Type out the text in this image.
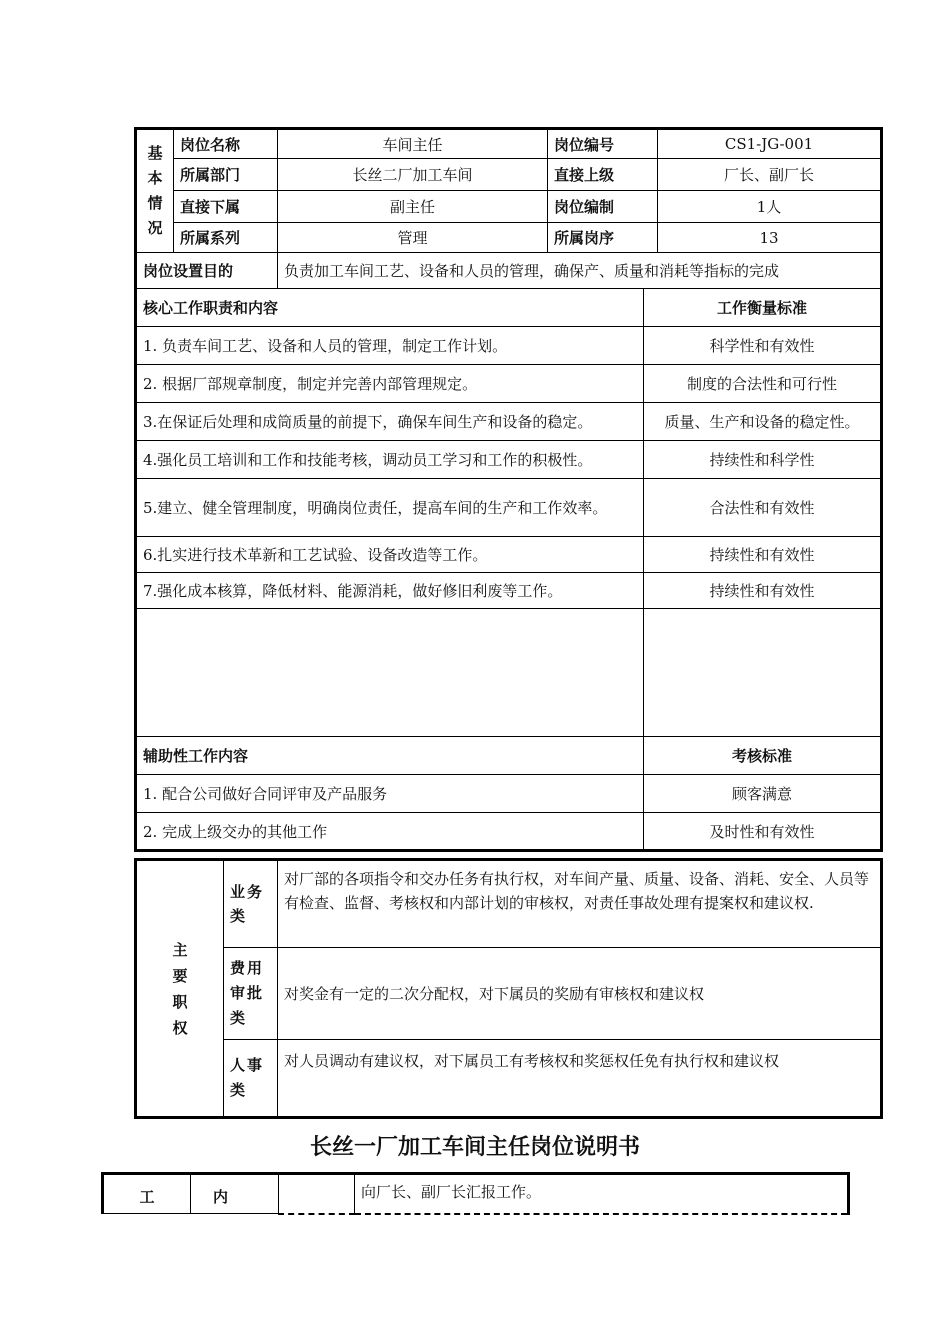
基
本
情
况	岗位名称	车间主任	岗位编号		CS1-JG-001
	所属部门	长丝二厂加工车间	直接上级		厂长、副厂长
	直接下属	副主任	岗位编制		1人
	所属系列	管理	所属岗序		13
岗位设置目的		负责加工车间工艺、设备和人员的管理，确保产、质量和消耗等指标的完成			
核心工作职责和内容				工作衡量标准	
1. 负责车间工艺、设备和人员的管理，制定工作计划。				科学性和有效性	
2. 根据厂部规章制度，制定并完善内部管理规定。				制度的合法性和可行性	
3.在保证后处理和成筒质量的前提下，确保车间生产和设备的稳定。				质量、生产和设备的稳定性。	
4.强化员工培训和工作和技能考核，调动员工学习和工作的积极性。				持续性和科学性	
5.建立、健全管理制度，明确岗位责任，提高车间的生产和工作效率。				合法性和有效性	
6.扎实进行技术革新和工艺试验、设备改造等工作。				持续性和有效性	
7.强化成本核算，降低材料、能源消耗，做好修旧利废等工作。				持续性和有效性	

辅助性工作内容				考核标准	
1. 配合公司做好合同评审及产品服务				顾客满意	
2. 完成上级交办的其他工作				及时性和有效性	
主
要
职
权	业务类	对厂部的各项指令和交办任务有执行权，对车间产量、质量、设备、消耗、安全、人员等有检查、监督、考核权和内部计划的审核权，对责任事故处理有提案权和建议权.
	费用审批类	对奖金有一定的二次分配权，对下属员的奖励有审核权和建议权
	人事类	对人员调动有建议权，对下属员工有考核权和奖惩权任免有执行权和建议权
长丝一厂加工车间主任岗位说明书
工	内		向厂长、副厂长汇报工作。
